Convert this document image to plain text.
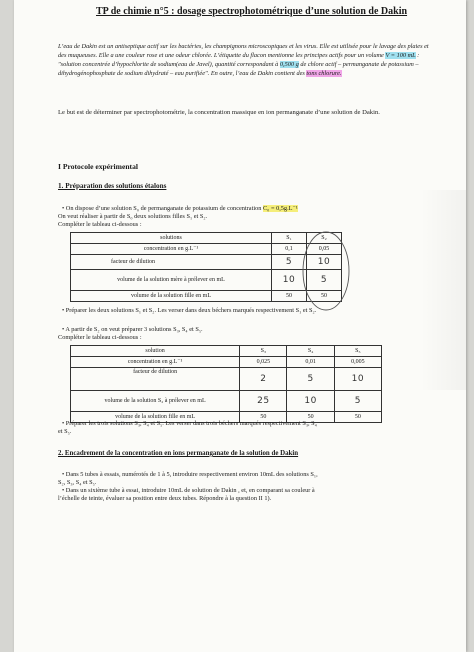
TP de chimie n°5 : dosage spectrophotométrique d’une solution de Dakin
L’eau de Dakin est un antiseptique actif sur les bactéries, les champignons microscopiques et les virus. Elle est utilisée pour le lavage des plaies et des muqueuses. Elle a une couleur rose et une odeur chlorée. L’étiquette du flacon mentionne les principes actifs pour un volume V = 100 mL : "solution concentrée d’hypochlorite de sodium(eau de Javel), quantité correspondant à 0,500 g de chlore actif – permanganate de potassium – dihydrogénophosphate de sodium dihydraté – eau purifiée". En outre, l’eau de Dakin contient des tons chlorure.
Le but est de déterminer par spectrophotométrie, la concentration massique en ion permanganate d’une solution de Dakin.
I Protocole expérimental
1. Préparation des solutions étalons
• On dispose d’une solution S₀ de permanganate de potassium de concentration C₀ = 0,5g.L⁻¹
On veut réaliser à partir de S₀ deux solutions filles S₁ et S₂.
Compléter le tableau ci-dessous :
solutions	S₁	S₂
concentration en g.L⁻¹	0,1	0,05
facteur de dilution	5	10
volume de la solution mère à prélever en mL	10	5
volume de la solution fille en mL	50	50
• Préparer les deux solutions S₁ et S₂. Les verser dans deux béchers marqués respectivement S₁ et S₂.
• A partir de S₂ on veut préparer 3 solutions S₃, S₄ et S₅.
Compléter le tableau ci-dessous :
solution	S₃	S₄	S₅
concentration en g.L⁻¹	0,025	0,01	0,005
facteur de dilution	2	5	10
volume de la solution S₂ à prélever en mL	25	10	5
volume de la solution fille en mL	50	50	50
• Préparer les trois solutions S₃, S₄ et S₅. Les verser dans trois béchers marqués respectivement S₃, S₄
et S₅.
2. Encadrement de la concentration en ions permanganate de la solution de Dakin
• Dans 5 tubes à essais, numérotés de 1 à 5, introduire respectivement environ 10mL des solutions S₁,
S₂, S₃, S₄ et S₅.
• Dans un sixième tube à essai, introduire 10mL de solution de Dakin , et, en comparant sa couleur à
l’échelle de teinte, évaluer sa position entre deux tubes. Répondre à la question II 1).
